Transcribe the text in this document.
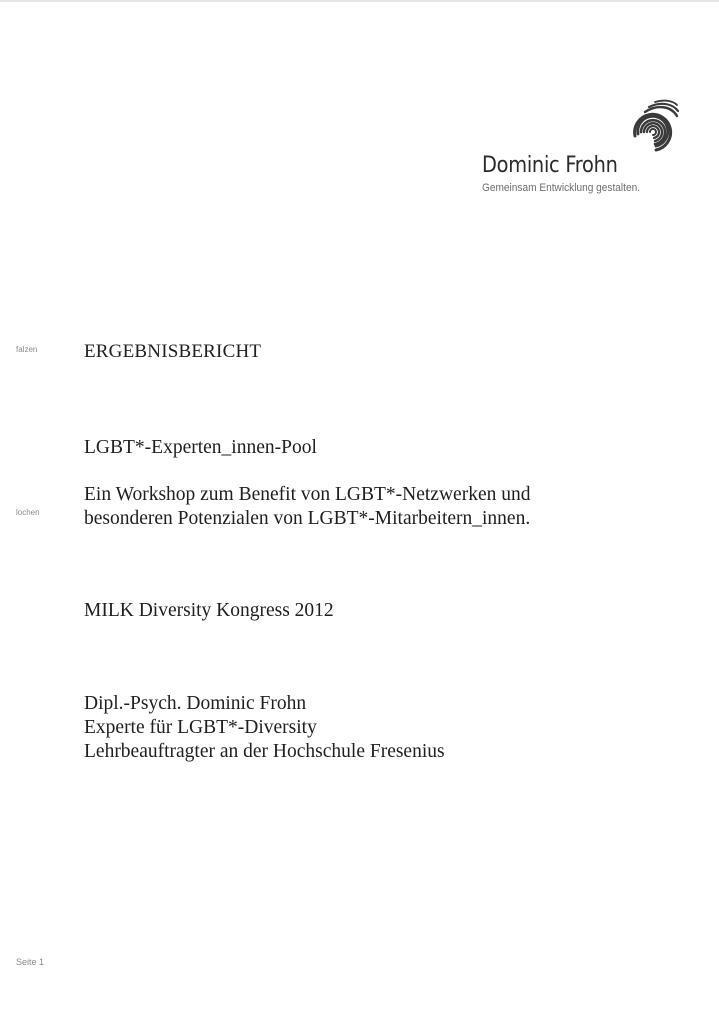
Dominic Frohn
Gemeinsam Entwicklung gestalten.
falzen
lochen
ERGEBNISBERICHT
LGBT*-Experten_innen-Pool
Ein Workshop zum Benefit von LGBT*-Netzwerken und
besonderen Potenzialen von LGBT*-Mitarbeitern_innen.
MILK Diversity Kongress 2012
Dipl.-Psych. Dominic Frohn
Experte für LGBT*-Diversity
Lehrbeauftragter an der Hochschule Fresenius
Seite 1
